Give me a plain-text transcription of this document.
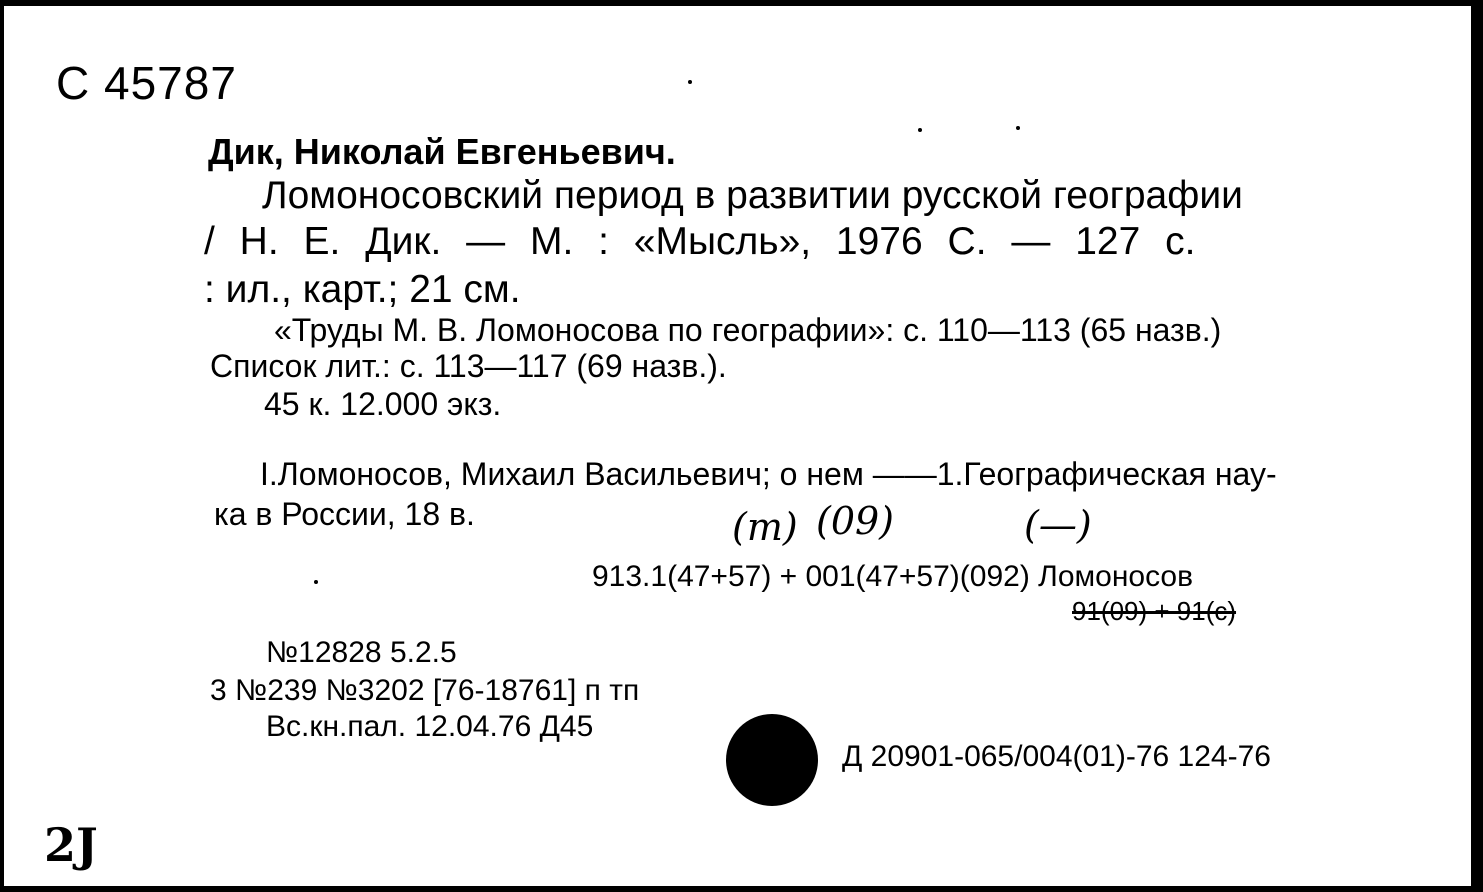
С 45787
Дик, Николай Евгеньевич.
Ломоносовский период в развитии русской географии
/ Н. Е. Дик. — М. : «Мысль», 1976 С. — 127 с.
: ил., карт.; 21 см.
«Труды М. В. Ломоносова по географии»: с. 110—113 (65 назв.)
Список лит.: с. 113—117 (69 назв.).
45 к. 12.000 экз.
I.Ломоносов, Михаил Васильевич; о нем ——1.Географическая нау-
ка в России, 18 в.	(т) (09)	(—)
913.1(47+57) + 001(47+57)(092) Ломоносов
91(09) + 91(с)
№12828 5.2.5
3 №239 №3202 [76-18761] п тп
Вс.кн.пал. 12.04.76 Д45
Д 20901-065/004(01)-76 124-76
2J
